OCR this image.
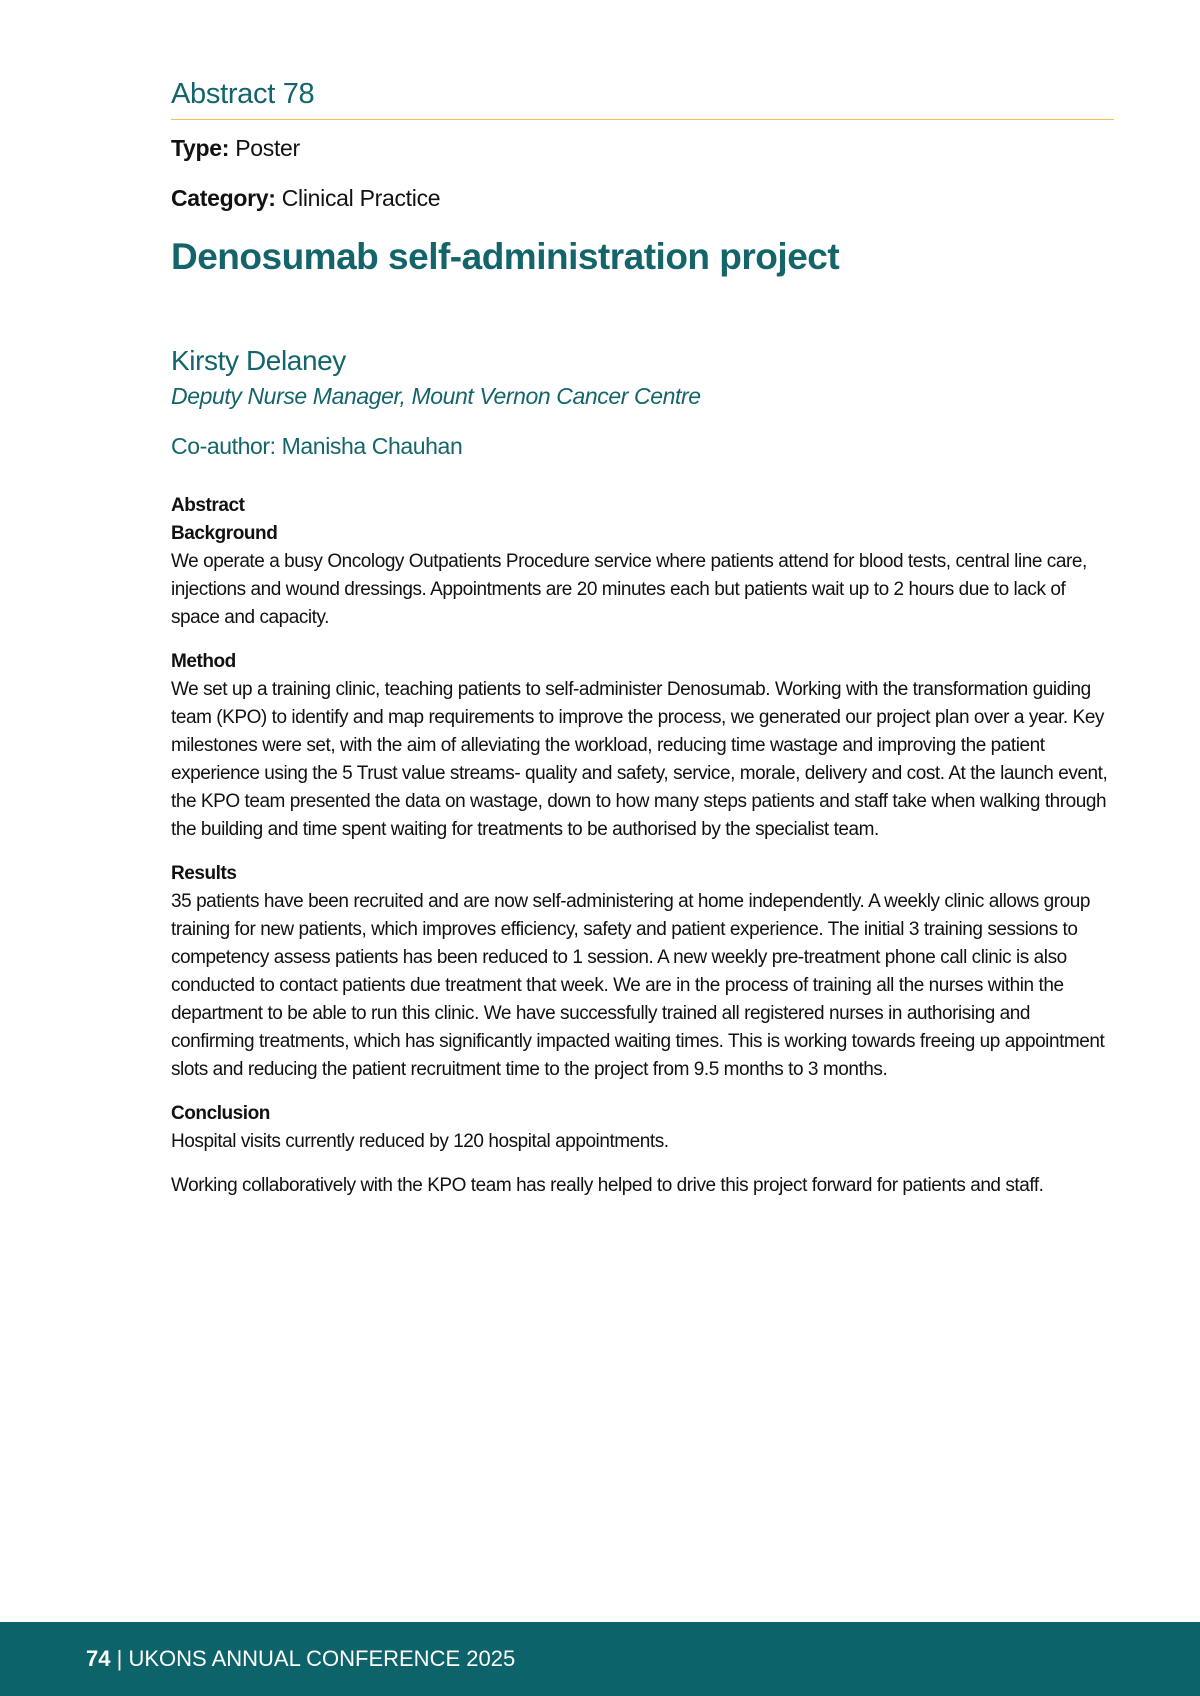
Abstract 78
Type: Poster
Category: Clinical Practice
Denosumab self-administration project
Kirsty Delaney
Deputy Nurse Manager, Mount Vernon Cancer Centre
Co-author: Manisha Chauhan
Abstract
Background

We operate a busy Oncology Outpatients Procedure service where patients attend for blood tests, central line care, injections and wound dressings. Appointments are 20 minutes each but patients wait up to 2 hours due to lack of space and capacity.

Method

We set up a training clinic, teaching patients to self-administer Denosumab. Working with the transformation guiding team (KPO) to identify and map requirements to improve the process, we generated our project plan over a year. Key milestones were set, with the aim of alleviating the workload, reducing time wastage and improving the patient experience using the 5 Trust value streams- quality and safety, service, morale, delivery and cost. At the launch event, the KPO team presented the data on wastage, down to how many steps patients and staff take when walking through the building and time spent waiting for treatments to be authorised by the specialist team.

Results

35 patients have been recruited and are now self-administering at home independently. A weekly clinic allows group training for new patients, which improves efficiency, safety and patient experience. The initial 3 training sessions to competency assess patients has been reduced to 1 session. A new weekly pre-treatment phone call clinic is also conducted to contact patients due treatment that week. We are in the process of training all the nurses within the department to be able to run this clinic. We have successfully trained all registered nurses in authorising and confirming treatments, which has significantly impacted waiting times. This is working towards freeing up appointment slots and reducing the patient recruitment time to the project from 9.5 months to 3 months.

Conclusion

Hospital visits currently reduced by 120 hospital appointments.

Working collaboratively with the KPO team has really helped to drive this project forward for patients and staff.

74 | UKONS ANNUAL CONFERENCE 2025
